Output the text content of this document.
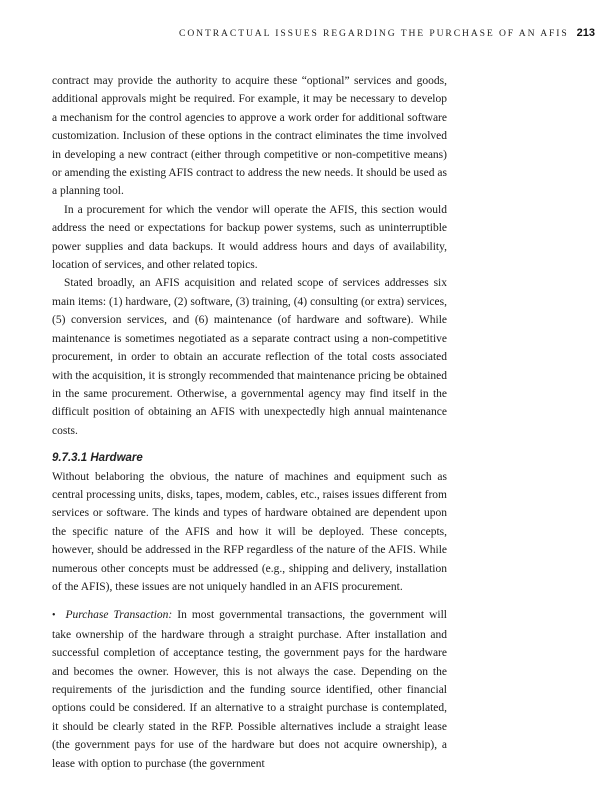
CONTRACTUAL ISSUES REGARDING THE PURCHASE OF AN AFIS 213

contract may provide the authority to acquire these “optional” services and goods, additional approvals might be required. For example, it may be necessary to develop a mechanism for the control agencies to approve a work order for additional software customization. Inclusion of these options in the contract eliminates the time involved in developing a new contract (either through competitive or non-competitive means) or amending the existing AFIS contract to address the new needs. It should be used as a planning tool.

In a procurement for which the vendor will operate the AFIS, this section would address the need or expectations for backup power systems, such as uninterruptible power supplies and data backups. It would address hours and days of availability, location of services, and other related topics.

Stated broadly, an AFIS acquisition and related scope of services addresses six main items: (1) hardware, (2) software, (3) training, (4) consulting (or extra) services, (5) conversion services, and (6) maintenance (of hardware and software). While maintenance is sometimes negotiated as a separate contract using a non-competitive procurement, in order to obtain an accurate reflection of the total costs associated with the acquisition, it is strongly recommended that maintenance pricing be obtained in the same procurement. Otherwise, a governmental agency may find itself in the difficult position of obtaining an AFIS with unexpectedly high annual maintenance costs.

9.7.3.1 Hardware

Without belaboring the obvious, the nature of machines and equipment such as central processing units, disks, tapes, modem, cables, etc., raises issues different from services or software. The kinds and types of hardware obtained are dependent upon the specific nature of the AFIS and how it will be deployed. These concepts, however, should be addressed in the RFP regardless of the nature of the AFIS. While numerous other concepts must be addressed (e.g., shipping and delivery, installation of the AFIS), these issues are not uniquely handled in an AFIS procurement.

• Purchase Transaction: In most governmental transactions, the government will take ownership of the hardware through a straight purchase. After installation and successful completion of acceptance testing, the government pays for the hardware and becomes the owner. However, this is not always the case. Depending on the requirements of the jurisdiction and the funding source identified, other financial options could be considered. If an alternative to a straight purchase is contemplated, it should be clearly stated in the RFP. Possible alternatives include a straight lease (the government pays for use of the hardware but does not acquire ownership), a lease with option to purchase (the government
